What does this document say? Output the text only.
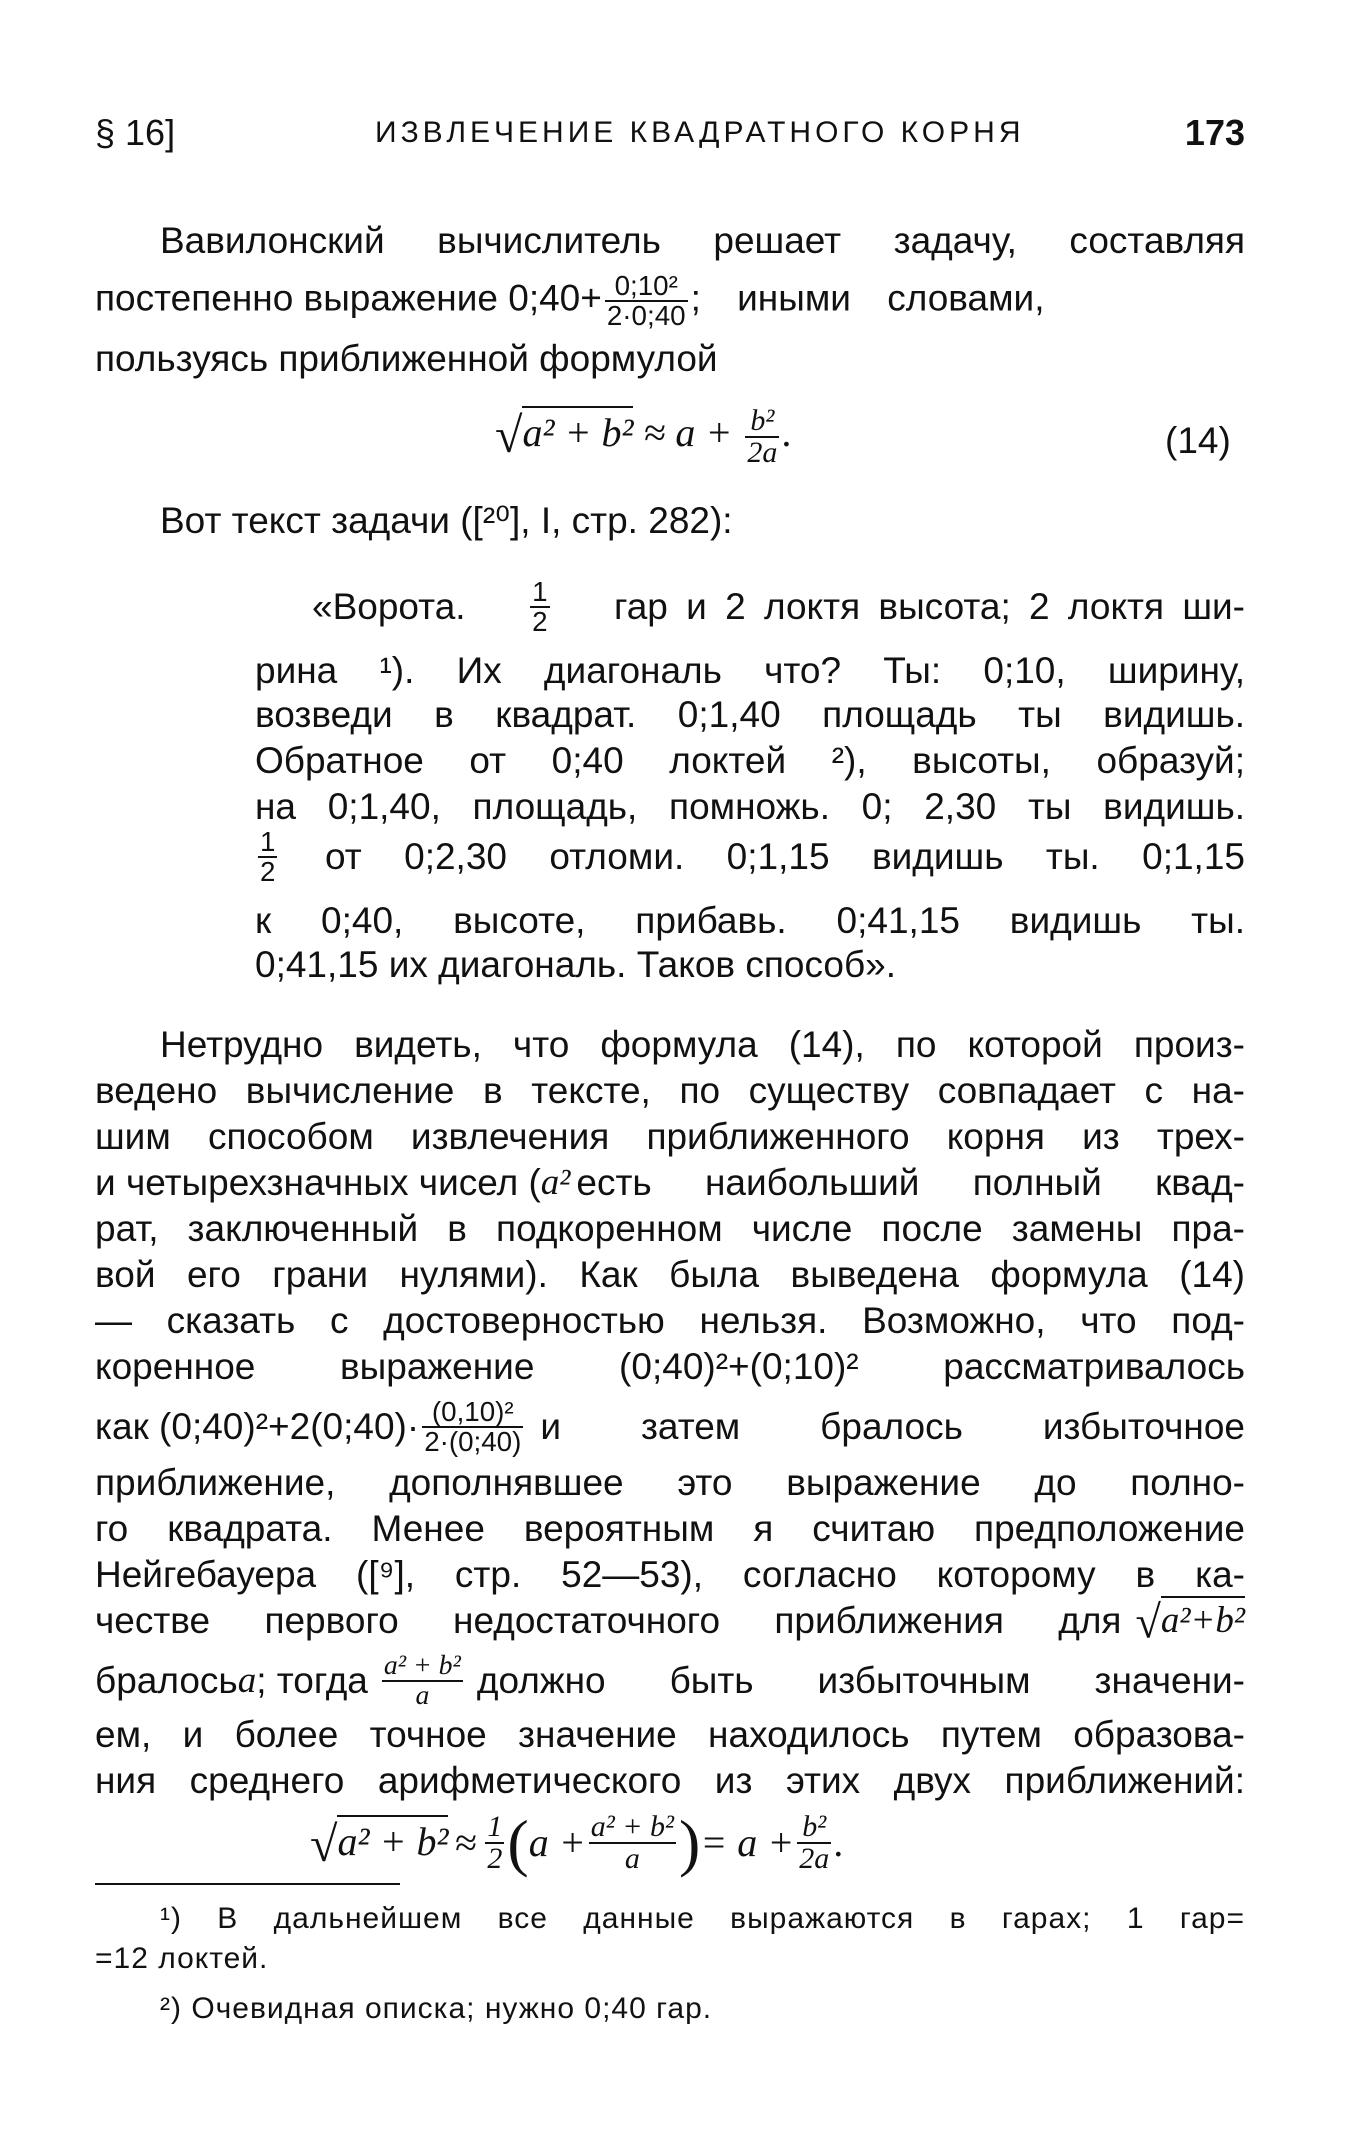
§ 16]	ИЗВЛЕЧЕНИЕ КВАДРАТНОГО КОРНЯ	173
Вавилонский вычислитель решает задачу, составляя
постепенно выражение 0;40+ $\frac{\text{0;10²}}{2\cdot 0;40}$ ; иными словами,
пользуясь приближенной формулой
$√a^2 + b^2 \approx a + \frac{\text{b²}}{2a}$ .	(14)
Вот текст задачи ([²⁰], I, стр. 282):
«Ворота. $\frac{1}{2}$ гар и 2 локтя высота; 2 локтя ши-
рина ¹). Их диагональ что? Ты: 0;10, ширину,
возведи в квадрат. 0;1,40 площадь ты видишь.
Обратное от 0;40 локтей ²), высоты, образуй;
на 0;1,40, площадь, помножь. 0; 2,30 ты видишь.
$\frac{1}{2}$ от 0;2,30 отломи. 0;1,15 видишь ты. 0;1,15
к 0;40, высоте, прибавь. 0;41,15 видишь ты.
0;41,15 их диагональ. Таков способ».
Нетрудно видеть, что формула (14), по которой произ-
ведено вычисление в тексте, по существу совпадает с на-
шим способом извлечения приближенного корня из трех-
и четырехзначных чисел ( a² есть наибольший полный квад-
рат, заключенный в подкоренном числе после замены пра-
вой его грани нулями). Как была выведена формула (14)
— сказать с достоверностью нельзя. Возможно, что под-
коренное выражение (0;40)²+(0;10)² рассматривалось
как (0;40)²+2(0;40)· $\frac{\text{(0,10)²}}{2\cdot(0;40)}$ и затем бралось избыточное
приближение, дополнявшее это выражение до полно-
го квадрата. Менее вероятным я считаю предположение
Нейгебауера ([⁹], стр. 52—53), согласно которому в ка-
честве первого недостаточного приближения для √a²+b²
бралось a ; тогда $\frac{\text{a² + b²}}{a}$ должно быть избыточным значени-
ем, и более точное значение находилось путем образова-
ния среднего арифметического из этих двух приближений:
$√a^2 + b^2 \approx \frac{1}{2}$ ( $a + \frac{\text{a² + b²}}{a}$ ) = $a + \frac{\text{b²}}{2a}$ .
¹) В дальнейшем все данные выражаются в гарах; 1 гар=
=12 локтей.
²) Очевидная описка; нужно 0;40 гар.
